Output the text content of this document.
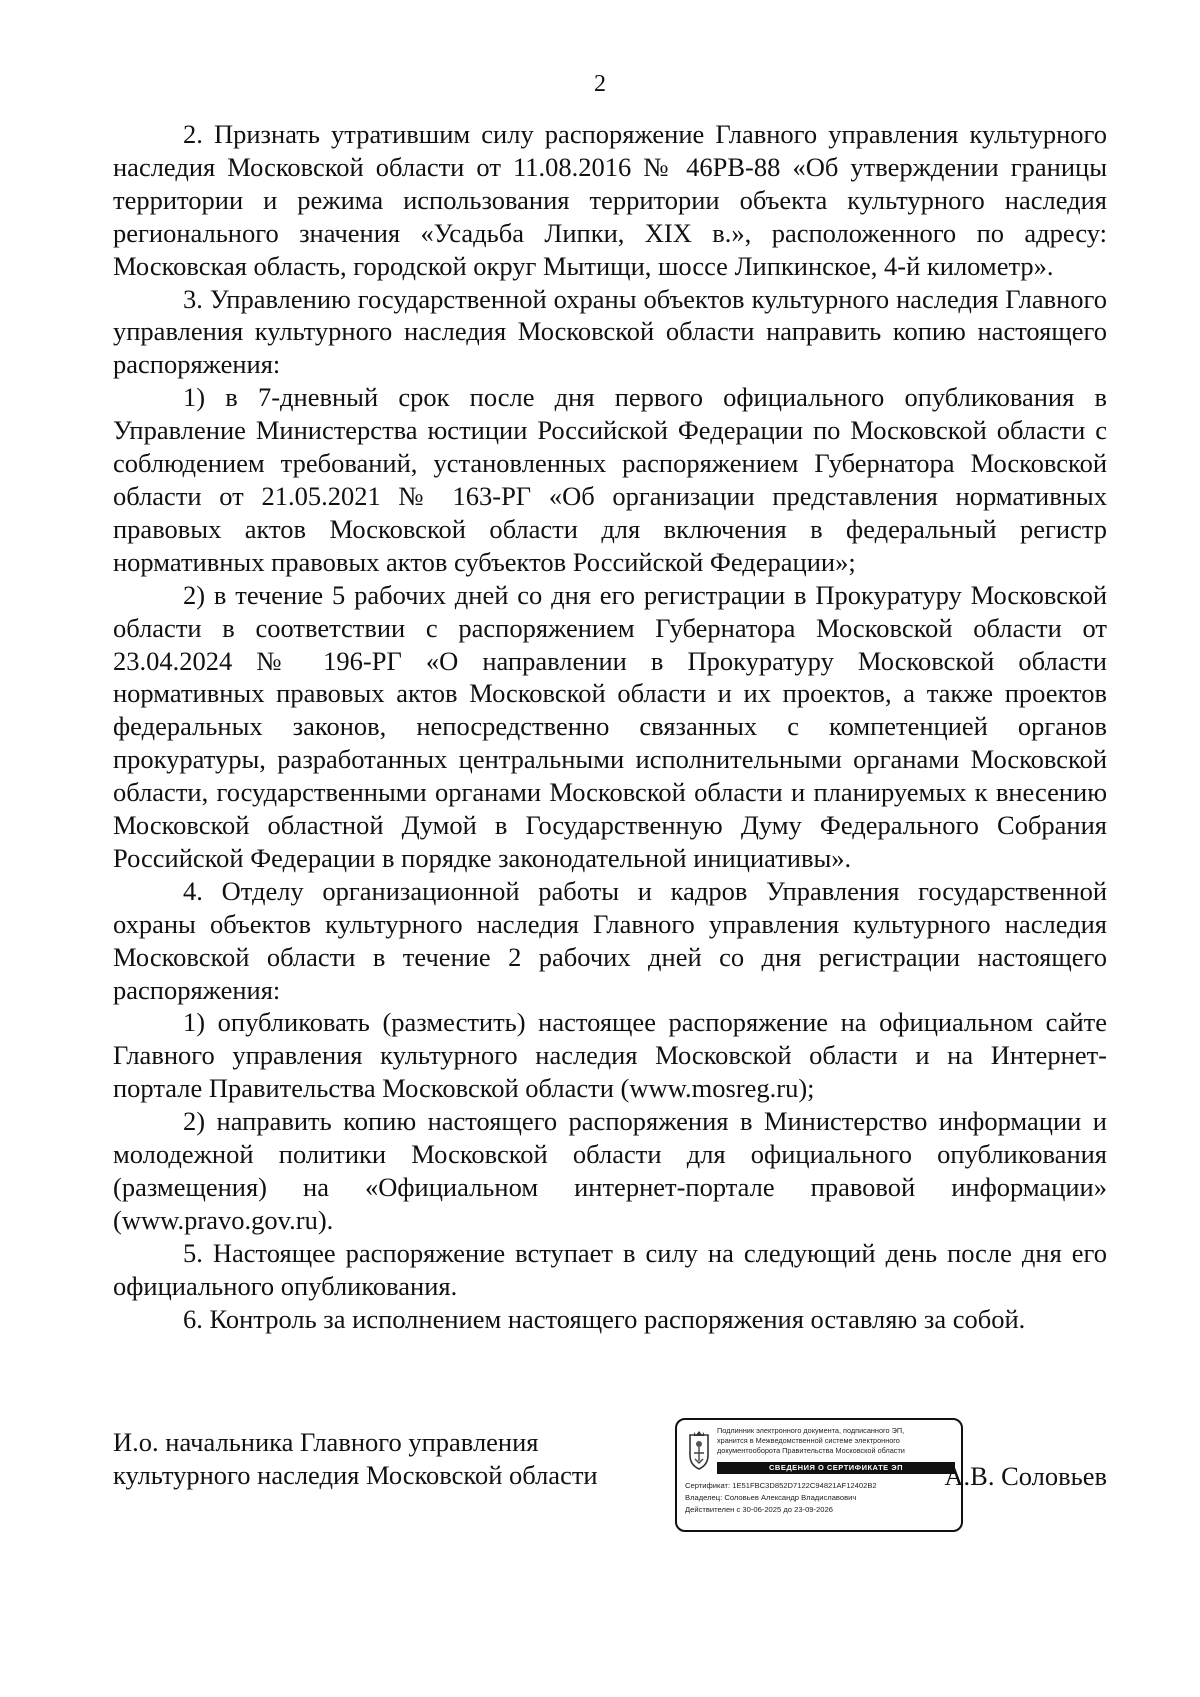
2

2. Признать утратившим силу распоряжение Главного управления культурного наследия Московской области от 11.08.2016 № 46РВ-88 «Об утверждении границы территории и режима использования территории объекта культурного наследия регионального значения «Усадьба Липки, XIX в.», расположенного по адресу: Московская область, городской округ Мытищи, шоссе Липкинское, 4-й километр».

3. Управлению государственной охраны объектов культурного наследия Главного управления культурного наследия Московской области направить копию настоящего распоряжения:

1) в 7-дневный срок после дня первого официального опубликования в Управление Министерства юстиции Российской Федерации по Московской области с соблюдением требований, установленных распоряжением Губернатора Московской области от 21.05.2021 № 163-РГ «Об организации представления нормативных правовых актов Московской области для включения в федеральный регистр нормативных правовых актов субъектов Российской Федерации»;

2) в течение 5 рабочих дней со дня его регистрации в Прокуратуру Московской области в соответствии с распоряжением Губернатора Московской области от 23.04.2024 № 196-РГ «О направлении в Прокуратуру Московской области нормативных правовых актов Московской области и их проектов, а также проектов федеральных законов, непосредственно связанных с компетенцией органов прокуратуры, разработанных центральными исполнительными органами Московской области, государственными органами Московской области и планируемых к внесению Московской областной Думой в Государственную Думу Федерального Собрания Российской Федерации в порядке законодательной инициативы».

4. Отделу организационной работы и кадров Управления государственной охраны объектов культурного наследия Главного управления культурного наследия Московской области в течение 2 рабочих дней со дня регистрации настоящего распоряжения:

1) опубликовать (разместить) настоящее распоряжение на официальном сайте Главного управления культурного наследия Московской области и на Интернет-портале Правительства Московской области (www.mosreg.ru);

2) направить копию настоящего распоряжения в Министерство информации и молодежной политики Московской области для официального опубликования (размещения) на «Официальном интернет-портале правовой информации» (www.pravo.gov.ru).

5. Настоящее распоряжение вступает в силу на следующий день после дня его официального опубликования.

6. Контроль за исполнением настоящего распоряжения оставляю за собой.

И.о. начальника Главного управления
культурного наследия Московской области
Подлинник электронного документа, подписанного ЭП,
хранится в Межведомственной системе электронного
документооборота Правительства Московской области
СВЕДЕНИЯ О СЕРТИФИКАТЕ ЭП
Сертификат: 1E51FBC3D852D7122C94821AF12402B2
Владелец: Соловьев Александр Владиславович
Действителен с 30-06-2025 до 23-09-2026
А.В. Соловьев
